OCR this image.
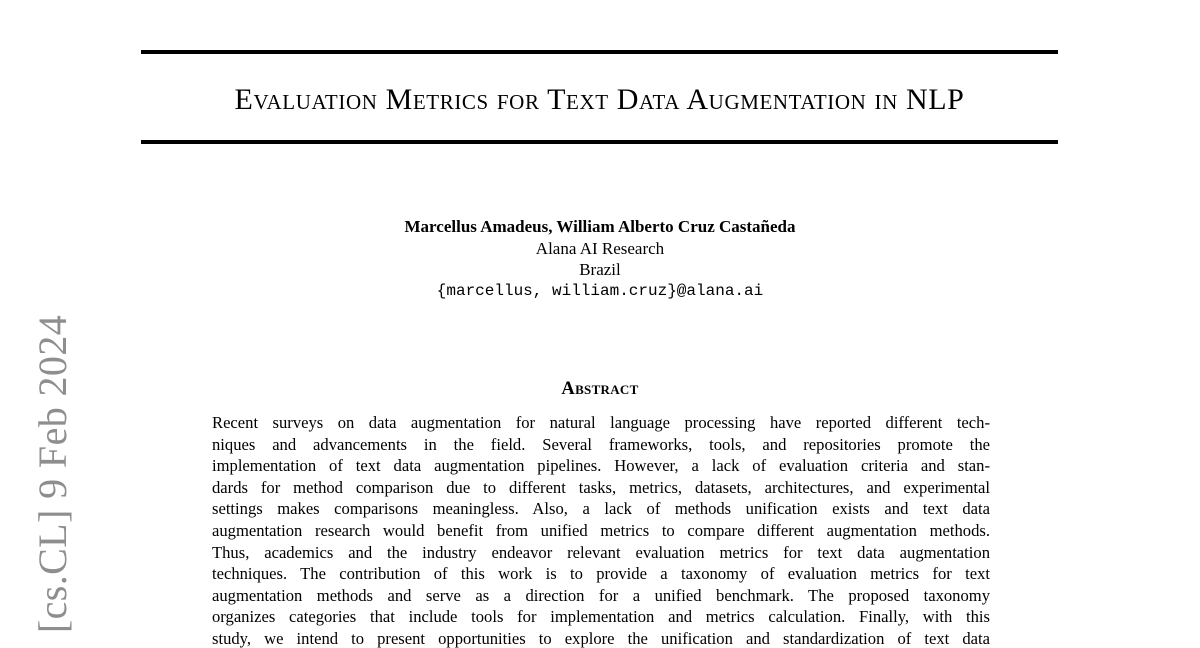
[cs.CL] 9 Feb 2024
Evaluation Metrics for Text Data Augmentation in NLP
Marcellus Amadeus, William Alberto Cruz Castañeda
Alana AI Research
Brazil
{marcellus, william.cruz}@alana.ai
Abstract
Recent surveys on data augmentation for natural language processing have reported different tech-
niques and advancements in the field. Several frameworks, tools, and repositories promote the
implementation of text data augmentation pipelines. However, a lack of evaluation criteria and stan-
dards for method comparison due to different tasks, metrics, datasets, architectures, and experimental
settings makes comparisons meaningless. Also, a lack of methods unification exists and text data
augmentation research would benefit from unified metrics to compare different augmentation methods.
Thus, academics and the industry endeavor relevant evaluation metrics for text data augmentation
techniques. The contribution of this work is to provide a taxonomy of evaluation metrics for text
augmentation methods and serve as a direction for a unified benchmark. The proposed taxonomy
organizes categories that include tools for implementation and metrics calculation. Finally, with this
study, we intend to present opportunities to explore the unification and standardization of text data
